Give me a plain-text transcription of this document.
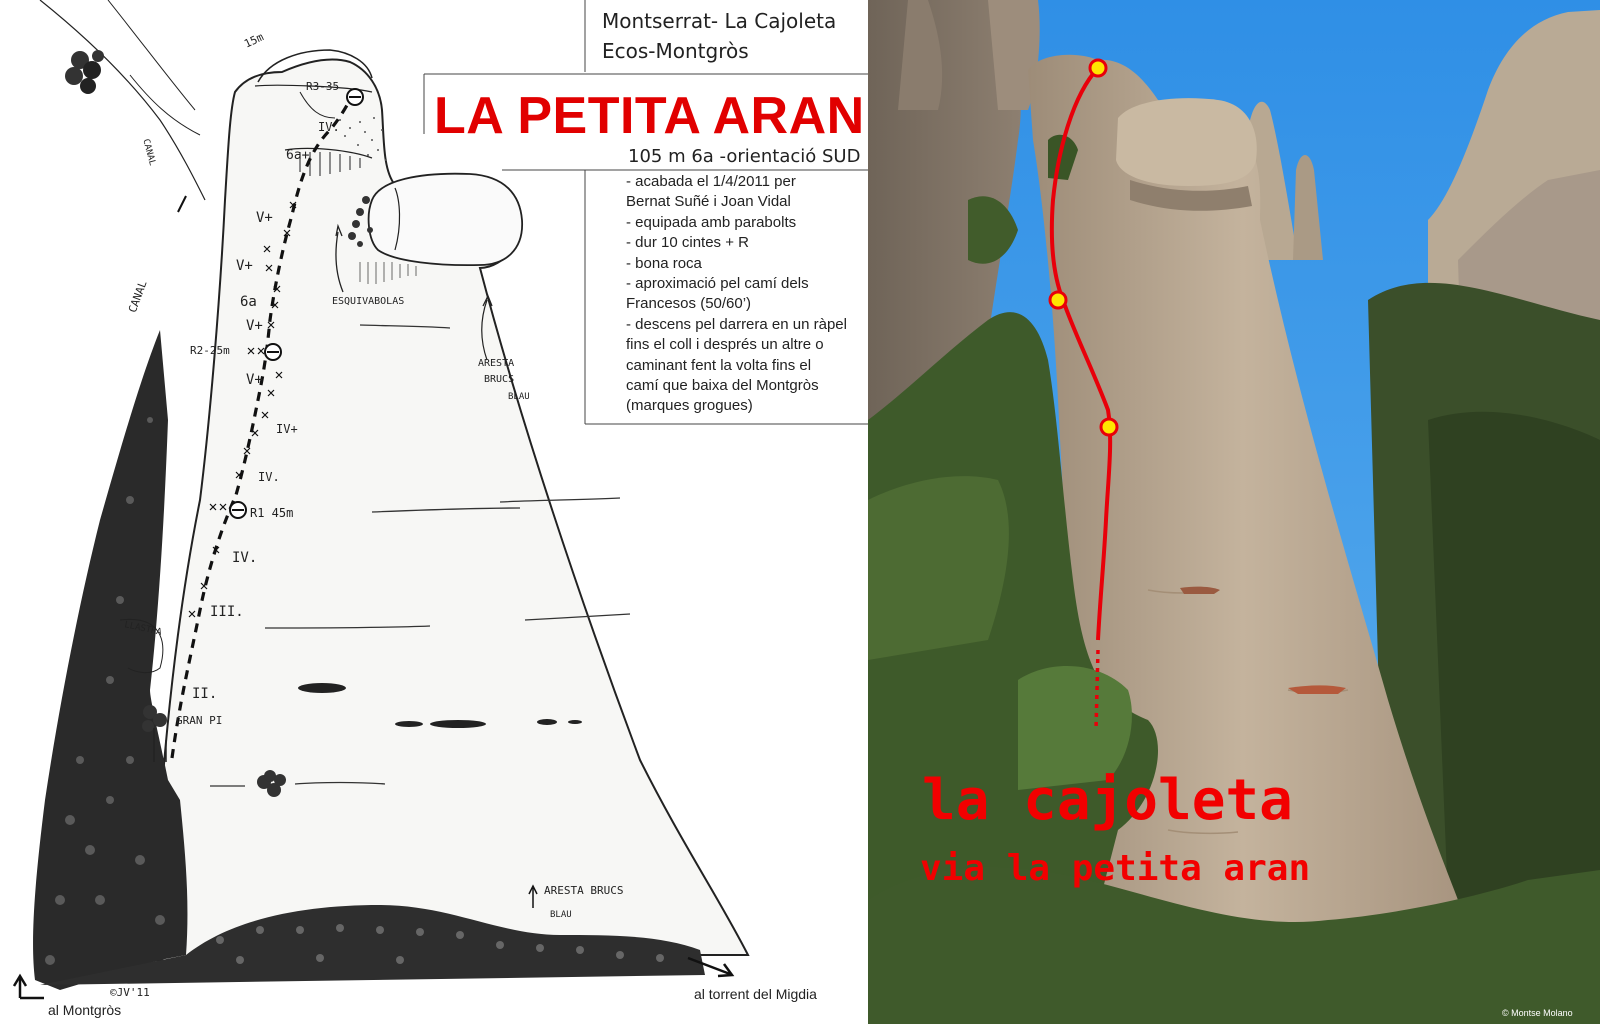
Montserrat- La Cajoleta
Ecos-Montgròs
LA PETITA ARAN
105 m 6a -orientació SUD
- acabada el 1/4/2011 per
Bernat Suñé i Joan Vidal
- equipada amb parabolts
- dur 10 cintes + R
- bona roca
- aproximació pel camí dels
Francesos (50/60’)
- descens pel darrera en un ràpel
fins el coll i després un altre o
caminant fent la volta fins el
camí que baixa del Montgròs
(marques grogues)
15m
R3-35
IV.
6a+
V+
V+
6a
V+
R2-25m
V+
IV+
IV.
R1 45m
IV.
III.
II.
GRAN PI
LLASTRA
CANAL
CANAL
ESQUIVABOLAS
ARESTA
BRUCS
BLAU
ARESTA BRUCS
BLAU
©JV'11
al Montgròs
al torrent del Migdia
la cajoleta
via la petita aran
© Montse Molano
